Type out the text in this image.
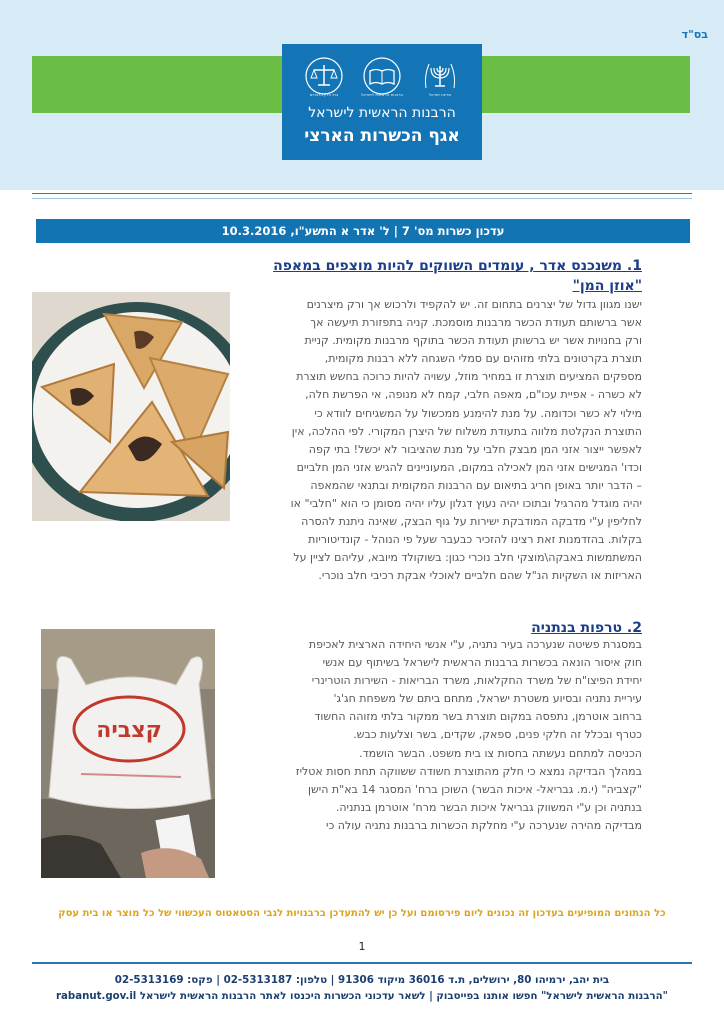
בס"ד
בתי הדין הרבניים	הרבנות הראשית לישראל	מדינת ישראל
הרבנות הראשית לישראל
אגף הכשרות הארצי
עדכון כשרות מס' 7 | ל' אדר א התשע"ו, 10.3.2016
1. משנכנס אדר , עומדים השווקים להיות מוצפים במאפה
"אוזן המן"
ישנו מגוון גדול של יצרנים בתחום זה. יש להקפיד ולרכוש אך ורק מיצרנים
אשר ברשותם תעודת הכשר מרבנות מוסמכת. קניה בתפזורת תיעשה אך
ורק בחנויות אשר יש ברשותן תעודת הכשר בתוקף מרבנות מקומית. קניית
תוצרת בקרטונים בלתי מזוהים עם סמלי השגחה ללא רבנות מקומית,
מספקים המציעים תוצרת זו במחיר מוזל, עשויה להיות כרוכה בחשש תוצרת
לא כשרה - אפיית עכו"ם, מאפה חלבי, קמח לא מנופה, אי הפרשת חלה,
מילוי לא כשר וכדומה. על מנת להימנע ממכשול על המשגיחים לוודא כי
התוצרת הנקלטת מלווה בתעודת משלוח של היצרן המקורי. לפי ההלכה, אין
לאפשר ייצור אזני המן מבצק חלבי על מנת שהציבור לא יכשל! בתי קפה
וכדו' המגישים אזני המן לאכילה במקום, המעוניינים להגיש אזני המן חלביים
– הדבר יותר באופן חריג בתיאום עם הרבנות המקומית ובתנאי שהמאפה
יהיה מוגדל מהרגיל ובתוכו יהיה נעוץ דגלון עליו יהיה מסומן כי הוא "חלבי" או
לחליפין ע"י מדבקה המודבקת ישירות על גוף הבצק, שאינה ניתנת להסרה
בקלות. בהזדמנות זאת רצינו להזכיר כבעבר שעל פי הנוהל - קונדיטוריות
המשתמשות באבקה\מוצקי חלב נוכרי כגון: בשוקולד מיובא, עליהם לציין על
האריזות או השקיות הנ"ל שהם חלביים לאוכלי אבקת רכיבי חלב נוכרי.
2. טרפות בנתניה
קצביה
במסגרת פשיטה שנערכה בעיר נתניה, ע"י אנשי היחידה הארצית לאכיפת
חוק איסור הונאה בכשרות ברבנות הראשית לישראל בשיתוף עם אנשי
יחידת הפיצו"ח של משרד החקלאות, משרד הבריאות - השירות הוטרינרי
עיריית נתניה ובסיוע משטרת ישראל, מתחם ביתם של משפחת חג'ג'
ברחוב אוטרמן, נתפסה במקום תוצרת בשר ממקור בלתי מזוהה החשוד
כטרף ובכלל זה חלקי פנים, ספאק, שקדים, בשר וצלעות כבש.
הכניסה למתחם נעשתה בחסות צו בית משפט. הבשר הושמד.
במהלך הבדיקה נמצא כי חלק מהתוצרת חשודה ששווקה תחת חסות אטליז
"קצביה" (י.מ. גבריאל- איכות הבשר) השוכן ברח' המסגר 14 בא"ת הישן
בנתניה וכן ע"י המשווק גבריאל איכות הבשר מרח' אוטרמן בנתניה.
מבדיקה מהירה שנערכה ע"י מחלקת הכשרות ברבנות נתניה עולה כי
כל הנתונים המופיעים בעדכון זה נכונים ליום פירסומם ועל כן יש להתעדכן ברבנויות לגבי הסטאטוס העכשווי של כל מוצר או בית עסק
1
בית יהב, ירמיהו 80, ירושלים, ת.ד 36016 מיקוד 91306 | טלפון: 02-5313187 | פקס: 02-5313169
"הרבנות הראשית לישראל" חפשו אותנו בפייסבוק | לשאר עדכוני הכשרות היכנסו לאתר הרבנות הראשית לישראל rabanut.gov.il
